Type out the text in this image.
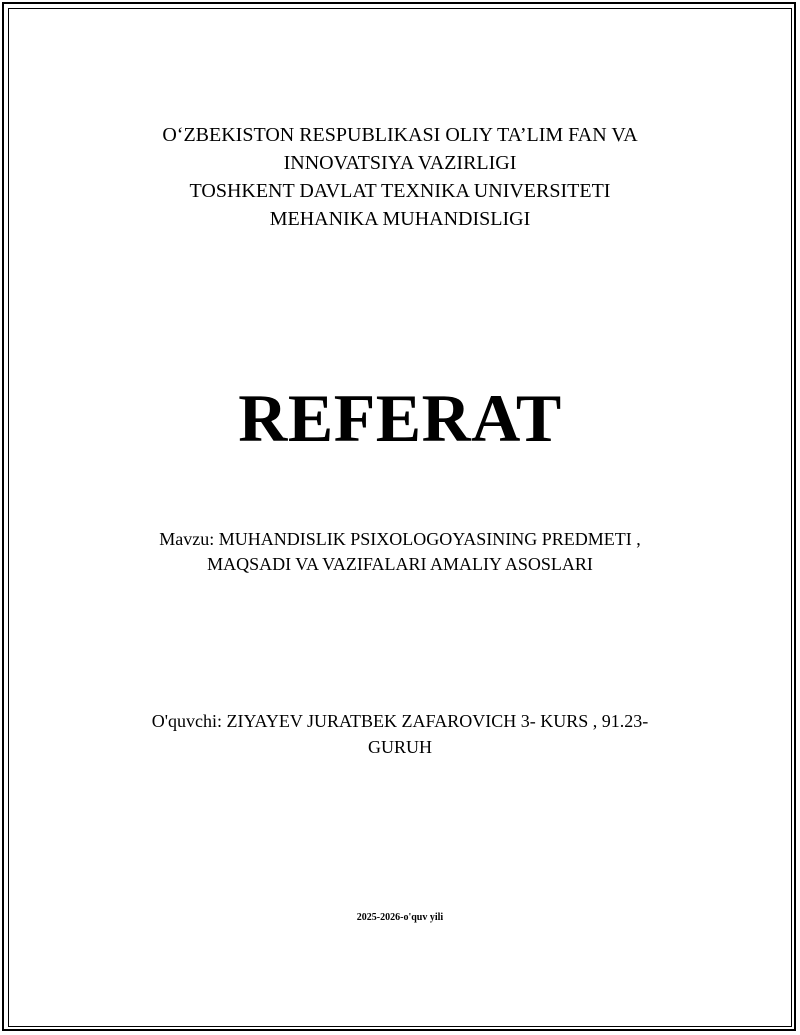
O‘ZBEKISTON RESPUBLIKASI OLIY TA’LIM FAN VA
INNOVATSIYA VAZIRLIGI
TOSHKENT DAVLAT TEXNIKA UNIVERSITETI
MEHANIKA MUHANDISLIGI
REFERAT
Mavzu: MUHANDISLIK PSIXOLOGOYASINING PREDMETI ,
MAQSADI VA VAZIFALARI AMALIY ASOSLARI
O'quvchi: ZIYAYEV JURATBEK ZAFAROVICH 3- KURS , 91.23-
GURUH
2025-2026-o'quv yili
